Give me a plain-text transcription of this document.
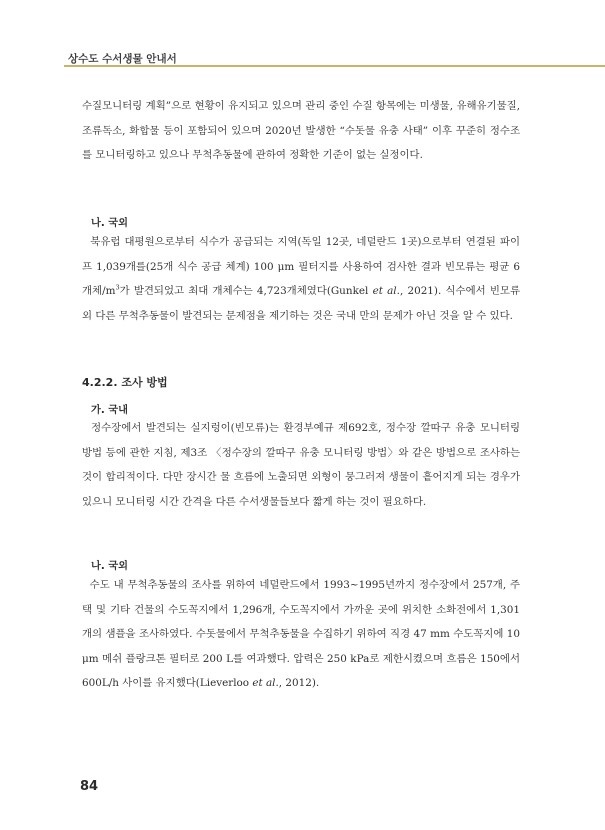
상수도 수서생물 안내서

수질모니터링 계획”으로 현황이 유지되고 있으며 관리 중인 수질 항목에는 미생물, 유해유기물질, 조류독소, 화합물 등이 포함되어 있으며 2020년 발생한 “수돗물 유충 사태” 이후 꾸준히 정수조를 모니터링하고 있으나 무척추동물에 관하여 정확한 기준이 없는 실정이다.

나. 국외

북유럽 대평원으로부터 식수가 공급되는 지역(독일 12곳, 네덜란드 1곳)으로부터 연결된 파이프 1,039개를(25개 식수 공급 체계) 100 μm 필터지를 사용하여 검사한 결과 빈모류는 평균 6개체$/m^3$가 발견되었고 최대 개체수는 4,723개체였다(Gunkel et al., 2021). 식수에서 빈모류 외 다른 무척추동물이 발견되는 문제점을 제기하는 것은 국내 만의 문제가 아닌 것을 알 수 있다.

4.2.2. 조사 방법
가. 국내

정수장에서 발견되는 실지렁이(빈모류)는 환경부예규 제692호, 정수장 깔따구 유충 모니터링 방법 등에 관한 지침, 제3조 〈정수장의 깔따구 유충 모니터링 방법〉와 같은 방법으로 조사하는 것이 합리적이다. 다만 장시간 물 흐름에 노출되면 외형이 뭉그러져 생물이 흩어지게 되는 경우가 있으니 모니터링 시간 간격을 다른 수서생물들보다 짧게 하는 것이 필요하다.

나. 국외

수도 내 무척추동물의 조사를 위하여 네덜란드에서 1993~1995년까지 정수장에서 257개, 주택 및 기타 건물의 수도꼭지에서 1,296개, 수도꼭지에서 가까운 곳에 위치한 소화전에서 1,301개의 샘플을 조사하였다. 수돗물에서 무척추동물을 수집하기 위하여 직경 47 mm 수도꼭지에 10 μm 메쉬 플랑크톤 필터로 200 L를 여과했다. 압력은 250 kPa로 제한시켰으며 흐름은 150에서 600L/h 사이를 유지했다(Lieverloo et al., 2012).

84
